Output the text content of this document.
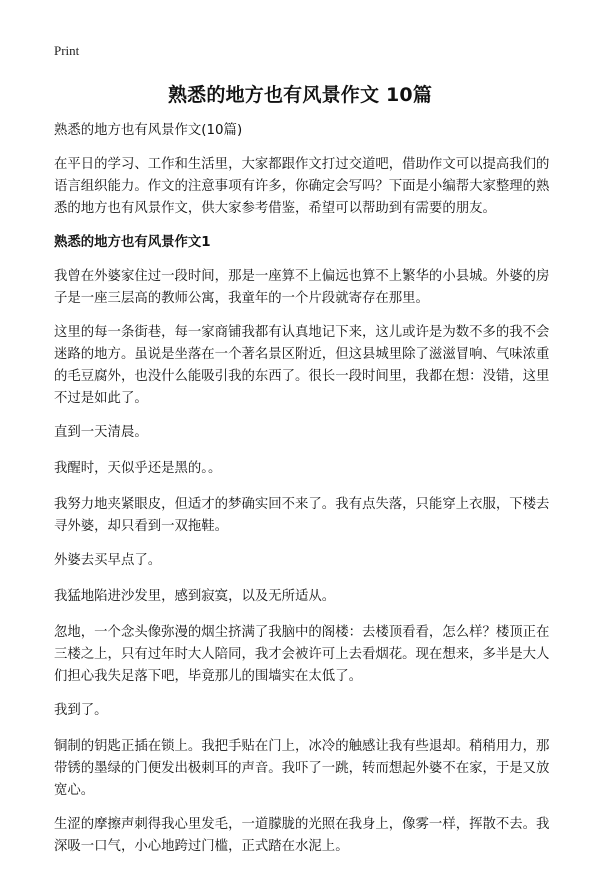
Print
熟悉的地方也有风景作文 10篇

熟悉的地方也有风景作文(10篇)

在平日的学习、工作和生活里，大家都跟作文打过交道吧，借助作文可以提高我们的语言组织能力。作文的注意事项有许多，你确定会写吗？下面是小编帮大家整理的熟悉的地方也有风景作文，供大家参考借鉴，希望可以帮助到有需要的朋友。

熟悉的地方也有风景作文1

我曾在外婆家住过一段时间，那是一座算不上偏远也算不上繁华的小县城。外婆的房子是一座三层高的教师公寓，我童年的一个片段就寄存在那里。

这里的每一条街巷，每一家商铺我都有认真地记下来，这儿或许是为数不多的我不会迷路的地方。虽说是坐落在一个著名景区附近，但这县城里除了滋滋冒响、气味浓重的毛豆腐外，也没什么能吸引我的东西了。很长一段时间里，我都在想：没错，这里不过是如此了。

直到一天清晨。

我醒时，天似乎还是黑的。。

我努力地夹紧眼皮，但适才的梦确实回不来了。我有点失落，只能穿上衣服，下楼去寻外婆，却只看到一双拖鞋。

外婆去买早点了。

我猛地陷进沙发里，感到寂寞，以及无所适从。

忽地，一个念头像弥漫的烟尘挤满了我脑中的阁楼：去楼顶看看，怎么样？楼顶正在三楼之上，只有过年时大人陪同，我才会被许可上去看烟花。现在想来，多半是大人们担心我失足落下吧，毕竟那儿的围墙实在太低了。

我到了。

铜制的钥匙正插在锁上。我把手贴在门上，冰冷的触感让我有些退却。稍稍用力，那带锈的墨绿的门便发出极刺耳的声音。我吓了一跳，转而想起外婆不在家，于是又放宽心。

生涩的摩擦声刺得我心里发毛，一道朦胧的光照在我身上，像雾一样，挥散不去。我深吸一口气，小心地跨过门槛，正式踏在水泥上。
